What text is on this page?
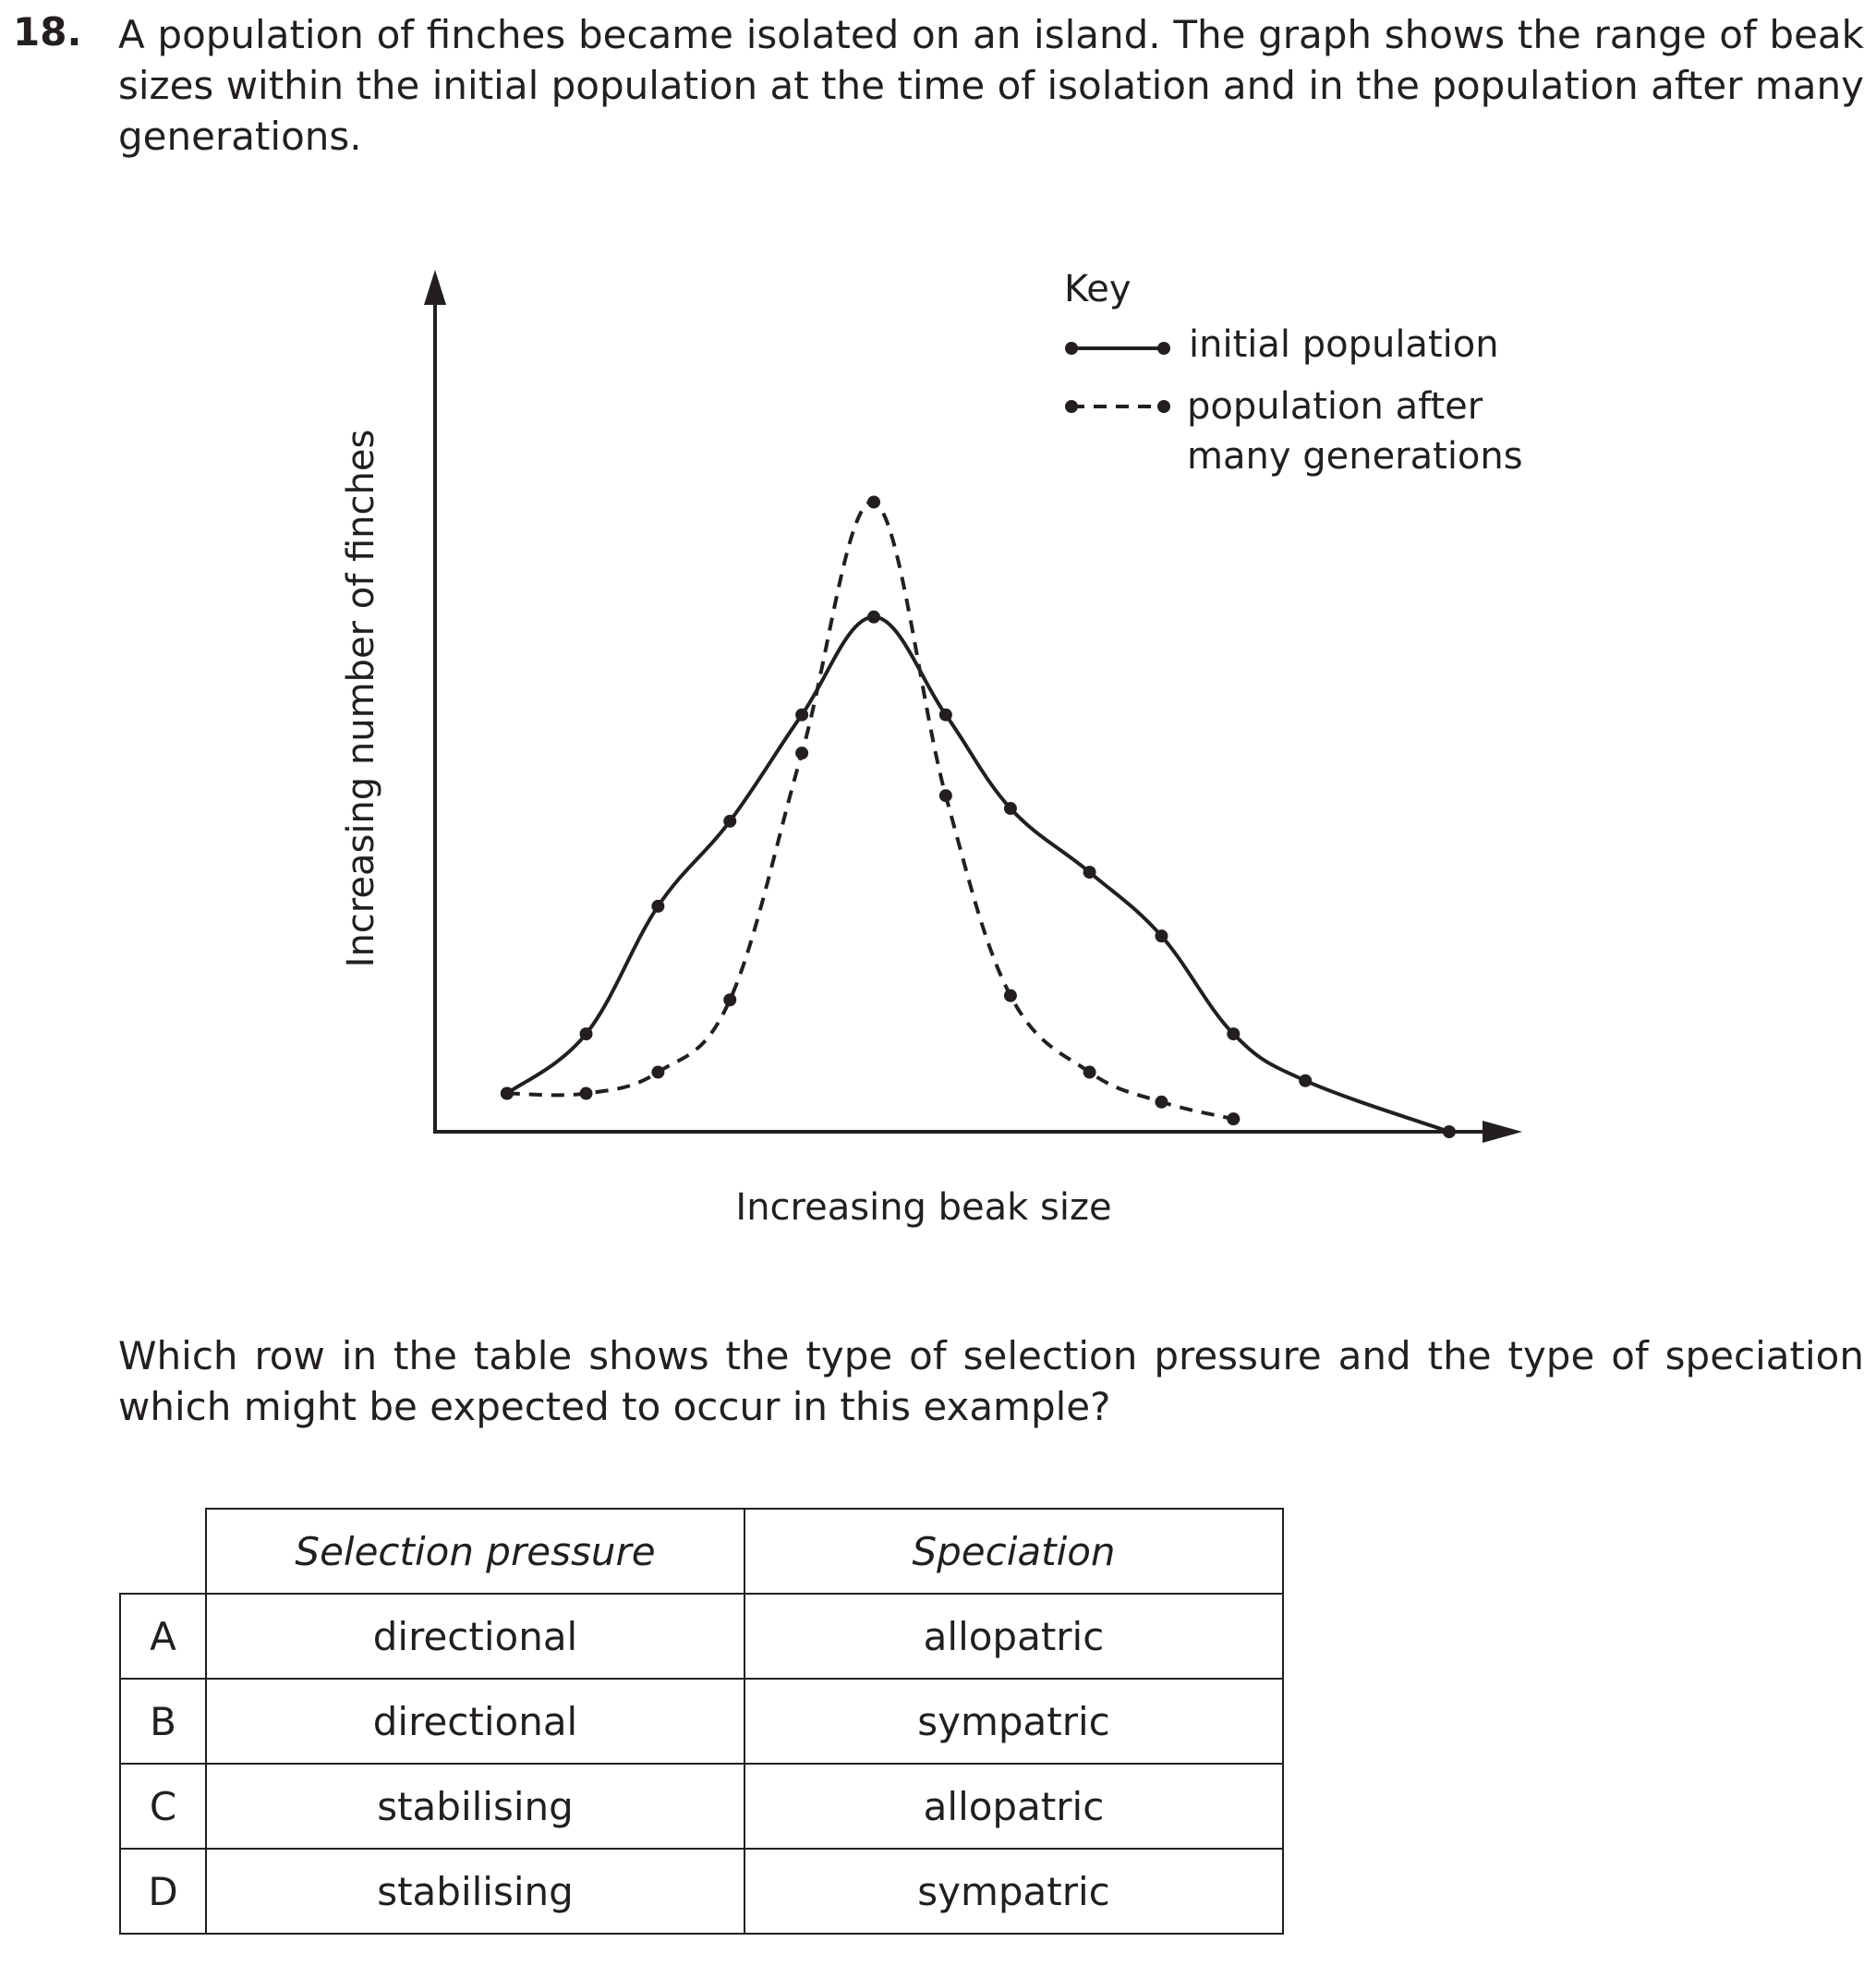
18. A population of finches became isolated on an island. The graph shows the range of beak sizes within the initial population at the time of isolation and in the population after many generations.

Increasing number of finches
Increasing beak size
Key
initial population
population after many generations

Which row in the table shows the type of selection pressure and the type of speciation which might be expected to occur in this example?

	Selection pressure	Speciation
A	directional	allopatric
B	directional	sympatric
C	stabilising	allopatric
D	stabilising	sympatric
